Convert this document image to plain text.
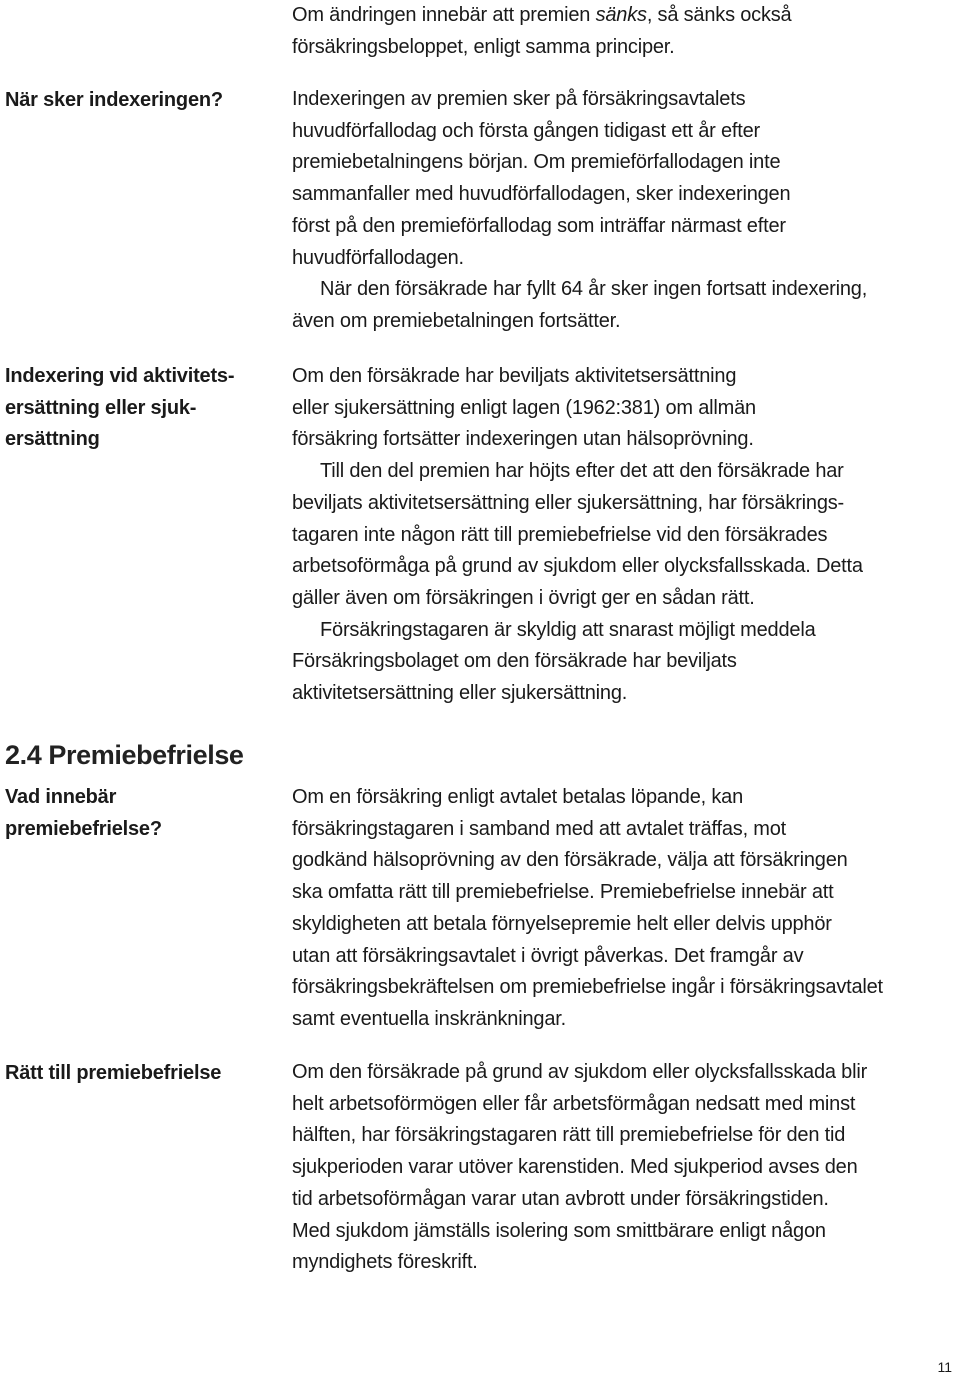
Om ändringen innebär att premien sänks, så sänks också
försäkringsbeloppet, enligt samma principer.
När sker indexeringen?	Indexeringen av premien sker på försäkringsavtalets
huvudförfallodag och första gången tidigast ett år efter
premiebetalningens början. Om premieförfallodagen inte
sammanfaller med huvudförfallodagen, sker indexeringen
först på den premieförfallodag som inträffar närmast efter
huvudförfallodagen.
När den försäkrade har fyllt 64 år sker ingen fortsatt indexering,
även om premiebetalningen fortsätter.
Indexering vid aktivitets-
ersättning eller sjuk-
ersättning
Om den försäkrade har beviljats aktivitetsersättning
eller sjukersättning enligt lagen (1962:381) om allmän
försäkring fortsätter indexeringen utan hälsoprövning.
Till den del premien har höjts efter det att den försäkrade har
beviljats aktivitetsersättning eller sjukersättning, har försäkrings-
tagaren inte någon rätt till premiebefrielse vid den försäkrades
arbetsoförmåga på grund av sjukdom eller olycksfallsskada. Detta
gäller även om försäkringen i övrigt ger en sådan rätt.
Försäkringstagaren är skyldig att snarast möjligt meddela
Försäkringsbolaget om den försäkrade har beviljats
aktivitetsersättning eller sjukersättning.
2.4 Premiebefrielse
Vad innebär
premiebefrielse?
Om en försäkring enligt avtalet betalas löpande, kan
försäkringstagaren i samband med att avtalet träffas, mot
godkänd hälsoprövning av den försäkrade, välja att försäkringen
ska omfatta rätt till premiebefrielse. Premiebefrielse innebär att
skyldigheten att betala förnyelsepremie helt eller delvis upphör
utan att försäkringsavtalet i övrigt påverkas. Det framgår av
försäkringsbekräftelsen om premiebefrielse ingår i försäkringsavtalet
samt eventuella inskränkningar.
Rätt till premiebefrielse	Om den försäkrade på grund av sjukdom eller olycksfallsskada blir
helt arbetsoförmögen eller får arbetsförmågan nedsatt med minst
hälften, har försäkringstagaren rätt till premiebefrielse för den tid
sjukperioden varar utöver karenstiden. Med sjukperiod avses den
tid arbetsoförmågan varar utan avbrott under försäkringstiden.
Med sjukdom jämställs isolering som smittbärare enligt någon
myndighets föreskrift.
11
